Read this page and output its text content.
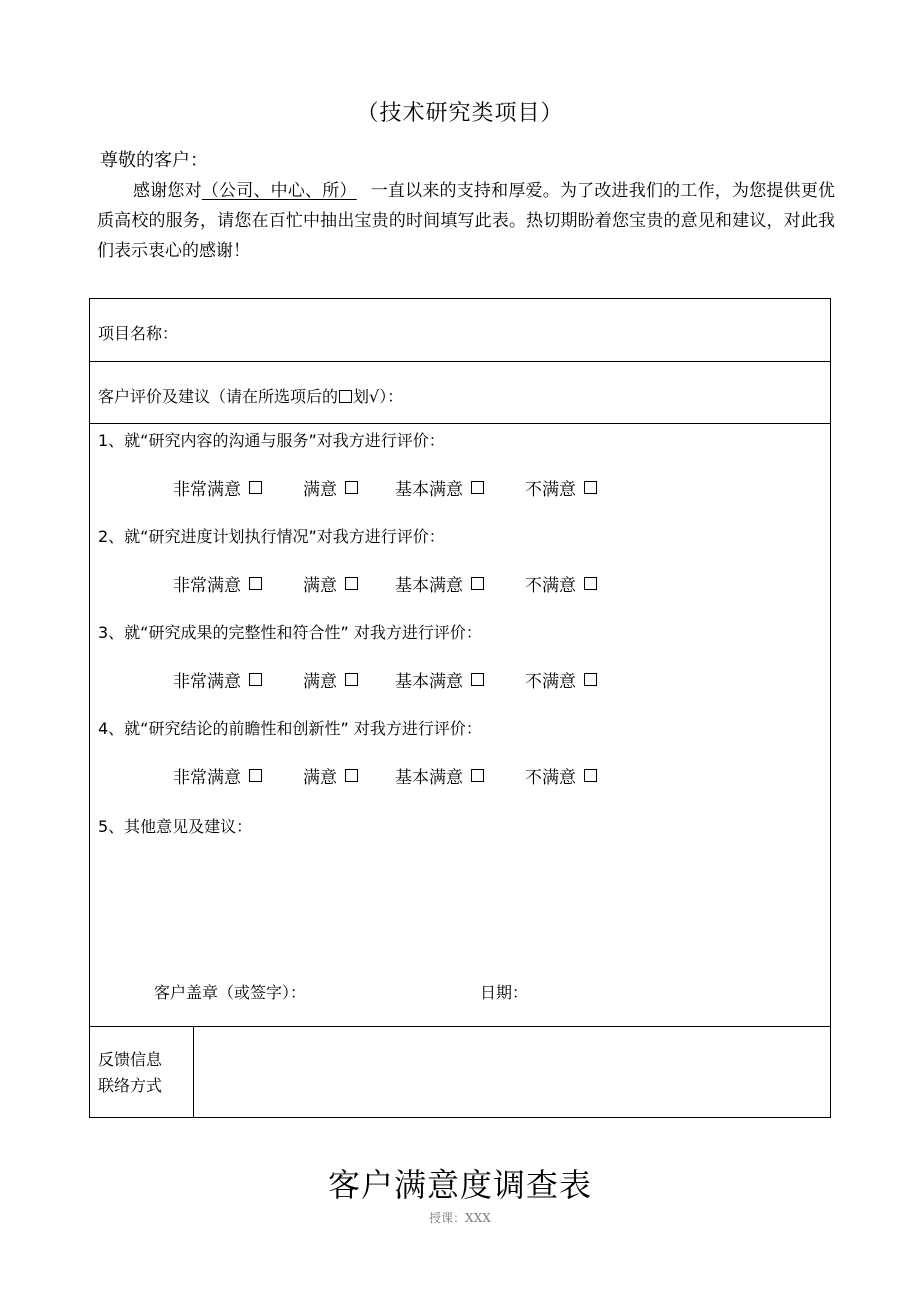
（技术研究类项目）
尊敬的客户：
感谢您对（公司、中心、所） 一直以来的支持和厚爱。为了改进我们的工作，为您提供更优质高校的服务，请您在百忙中抽出宝贵的时间填写此表。热切期盼着您宝贵的意见和建议，对此我们表示衷心的感谢！
项目名称：
客户评价及建议（请在所选项后的 划√）：
1、就“研究内容的沟通与服务”对我方进行评价：
非常满意	满意	基本满意	不满意
2、就“研究进度计划执行情况”对我方进行评价：
非常满意	满意	基本满意	不满意
3、就“研究成果的完整性和符合性” 对我方进行评价：
非常满意	满意	基本满意	不满意
4、就“研究结论的前瞻性和创新性” 对我方进行评价：
非常满意	满意	基本满意	不满意
5、其他意见及建议：
客户盖章（或签字）：	日期：
反馈信息
联络方式
客户满意度调查表
授课：XXX
